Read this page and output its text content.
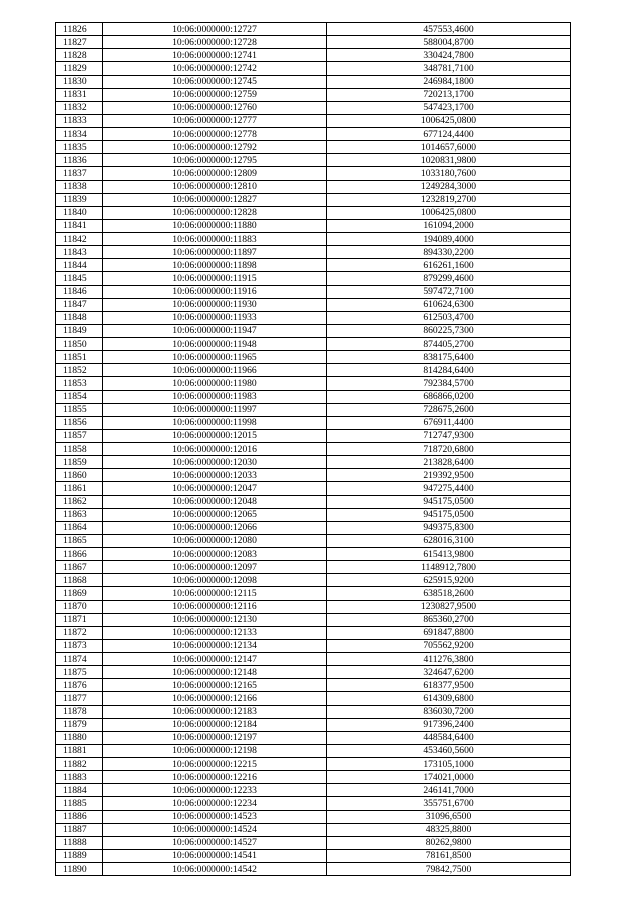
11826	10:06:0000000:12727	457553,4600
11827	10:06:0000000:12728	588004,8700
11828	10:06:0000000:12741	330424,7800
11829	10:06:0000000:12742	348781,7100
11830	10:06:0000000:12745	246984,1800
11831	10:06:0000000:12759	720213,1700
11832	10:06:0000000:12760	547423,1700
11833	10:06:0000000:12777	1006425,0800
11834	10:06:0000000:12778	677124,4400
11835	10:06:0000000:12792	1014657,6000
11836	10:06:0000000:12795	1020831,9800
11837	10:06:0000000:12809	1033180,7600
11838	10:06:0000000:12810	1249284,3000
11839	10:06:0000000:12827	1232819,2700
11840	10:06:0000000:12828	1006425,0800
11841	10:06:0000000:11880	161094,2000
11842	10:06:0000000:11883	194089,4000
11843	10:06:0000000:11897	894330,2200
11844	10:06:0000000:11898	616261,1600
11845	10:06:0000000:11915	879299,4600
11846	10:06:0000000:11916	597472,7100
11847	10:06:0000000:11930	610624,6300
11848	10:06:0000000:11933	612503,4700
11849	10:06:0000000:11947	860225,7300
11850	10:06:0000000:11948	874405,2700
11851	10:06:0000000:11965	838175,6400
11852	10:06:0000000:11966	814284,6400
11853	10:06:0000000:11980	792384,5700
11854	10:06:0000000:11983	686866,0200
11855	10:06:0000000:11997	728675,2600
11856	10:06:0000000:11998	676911,4400
11857	10:06:0000000:12015	712747,9300
11858	10:06:0000000:12016	718720,6800
11859	10:06:0000000:12030	213828,6400
11860	10:06:0000000:12033	219392,9500
11861	10:06:0000000:12047	947275,4400
11862	10:06:0000000:12048	945175,0500
11863	10:06:0000000:12065	945175,0500
11864	10:06:0000000:12066	949375,8300
11865	10:06:0000000:12080	628016,3100
11866	10:06:0000000:12083	615413,9800
11867	10:06:0000000:12097	1148912,7800
11868	10:06:0000000:12098	625915,9200
11869	10:06:0000000:12115	638518,2600
11870	10:06:0000000:12116	1230827,9500
11871	10:06:0000000:12130	865360,2700
11872	10:06:0000000:12133	691847,8800
11873	10:06:0000000:12134	705562,9200
11874	10:06:0000000:12147	411276,3800
11875	10:06:0000000:12148	324647,6200
11876	10:06:0000000:12165	618377,9500
11877	10:06:0000000:12166	614309,6800
11878	10:06:0000000:12183	836030,7200
11879	10:06:0000000:12184	917396,2400
11880	10:06:0000000:12197	448584,6400
11881	10:06:0000000:12198	453460,5600
11882	10:06:0000000:12215	173105,1000
11883	10:06:0000000:12216	174021,0000
11884	10:06:0000000:12233	246141,7000
11885	10:06:0000000:12234	355751,6700
11886	10:06:0000000:14523	31096,6500
11887	10:06:0000000:14524	48325,8800
11888	10:06:0000000:14527	80262,9800
11889	10:06:0000000:14541	78161,8500
11890	10:06:0000000:14542	79842,7500
